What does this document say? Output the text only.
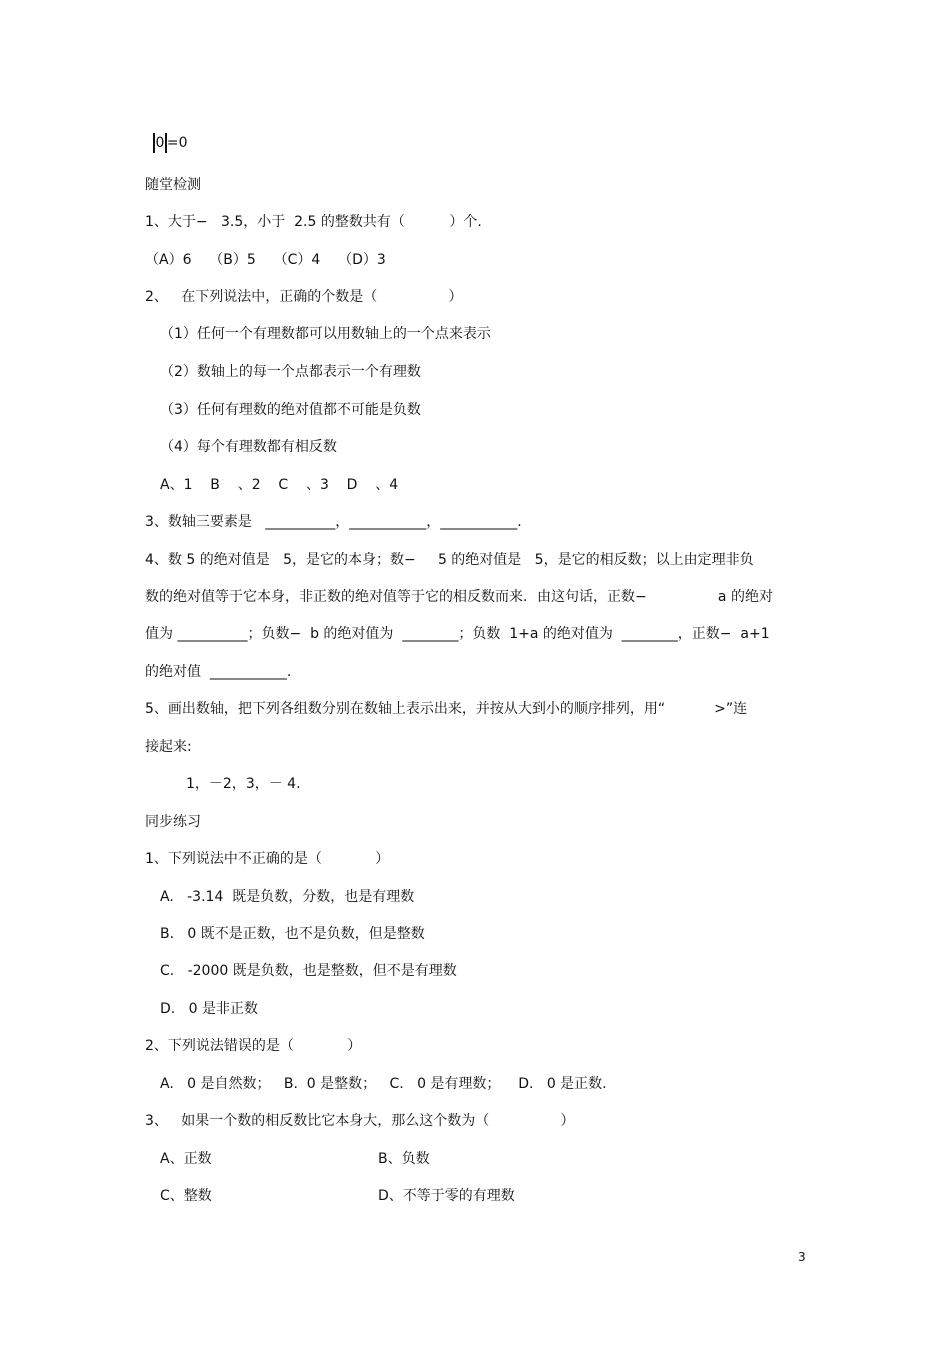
0 =0
随堂检测
1、大于−   3.5，小于  2.5 的整数共有（          ）个.
（A）6    （B）5    （C）4    （D）3
2、   在下列说法中，正确的个数是（                ）
（1）任何一个有理数都可以用数轴上的一个点来表示
（2）数轴上的每一个点都表示一个有理数
（3）任何有理数的绝对值都不可能是负数
（4）每个有理数都有相反数
A、1    B    、2    C    、3    D    、4
3、数轴三要素是   __________，___________，___________.
4、数 5 的绝对值是   5，是它的本身；数−     5 的绝对值是   5，是它的相反数；以上由定理非负
数的绝对值等于它本身，非正数的绝对值等于它的相反数而来．由这句话，正数−                a 的绝对
值为 __________；负数−  b 的绝对值为  ________；负数  1+a 的绝对值为  ________，正数−  a+1
的绝对值  ___________.
5、画出数轴，把下列各组数分别在数轴上表示出来，并按从大到小的顺序排列，用“           >”连
接起来:
1，－2，3，－ 4.
同步练习
1、下列说法中不正确的是（            ）
A.   -3.14  既是负数，分数，也是有理数
B.   0 既不是正数，也不是负数，但是整数
C.   -2000 既是负数，也是整数，但不是有理数
D.   0 是非正数
2、下列说法错误的是（            ）
A.   0 是自然数；   B.  0 是整数；   C.   0 是有理数；    D.   0 是正数.
3、   如果一个数的相反数比它本身大，那么这个数为（                ）
A、正数	B、负数
C、整数	D、不等于零的有理数
3
